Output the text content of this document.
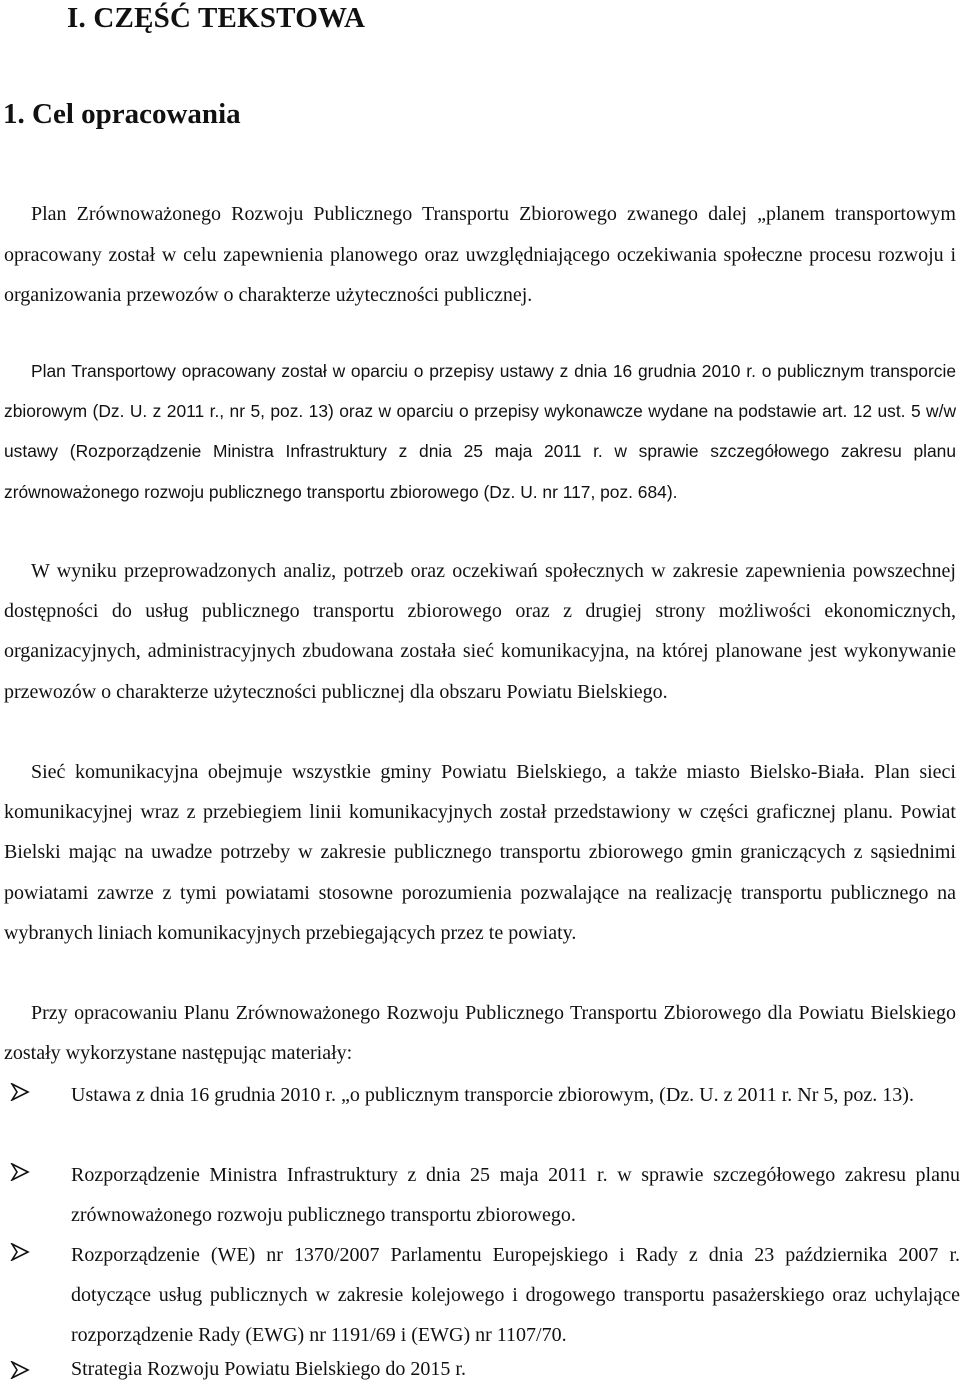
I. CZĘŚĆ TEKSTOWA
1. Cel opracowania

Plan Zrównoważonego Rozwoju Publicznego Transportu Zbiorowego zwanego dalej „planem transportowym opracowany został w celu zapewnienia planowego oraz uwzględniającego oczekiwania społeczne procesu rozwoju i organizowania przewozów o charakterze użyteczności publicznej.

Plan Transportowy opracowany został w oparciu o przepisy ustawy z dnia 16 grudnia 2010 r. o publicznym transporcie zbiorowym (Dz. U. z 2011 r., nr 5, poz. 13) oraz w oparciu o przepisy wykonawcze wydane na podstawie art. 12 ust. 5 w/w ustawy (Rozporządzenie Ministra Infrastruktury z dnia 25 maja 2011 r. w sprawie szczegółowego zakresu planu zrównoważonego rozwoju publicznego transportu zbiorowego (Dz. U. nr 117, poz. 684).

W wyniku przeprowadzonych analiz, potrzeb oraz oczekiwań społecznych w zakresie zapewnienia powszechnej dostępności do usług publicznego transportu zbiorowego oraz z drugiej strony możliwości ekonomicznych, organizacyjnych, administracyjnych zbudowana została sieć komunikacyjna, na której planowane jest wykonywanie przewozów o charakterze użyteczności publicznej dla obszaru Powiatu Bielskiego.

Sieć komunikacyjna obejmuje wszystkie gminy Powiatu Bielskiego, a także miasto Bielsko-Biała. Plan sieci komunikacyjnej wraz z przebiegiem linii komunikacyjnych został przedstawiony w części graficznej planu. Powiat Bielski mając na uwadze potrzeby w zakresie publicznego transportu zbiorowego gmin graniczących z sąsiednimi powiatami zawrze z tymi powiatami stosowne porozumienia pozwalające na realizację transportu publicznego na wybranych liniach komunikacyjnych przebiegających przez te powiaty.

Przy opracowaniu Planu Zrównoważonego Rozwoju Publicznego Transportu Zbiorowego dla Powiatu Bielskiego zostały wykorzystane następując materiały:

Ustawa z dnia 16 grudnia 2010 r. „o publicznym transporcie zbiorowym, (Dz. U. z 2011 r. Nr 5, poz. 13).

Rozporządzenie Ministra Infrastruktury z dnia 25 maja 2011 r. w sprawie szczegółowego zakresu planu zrównoważonego rozwoju publicznego transportu zbiorowego.

Rozporządzenie (WE) nr 1370/2007 Parlamentu Europejskiego i Rady z dnia 23 października 2007 r. dotyczące usług publicznych w zakresie kolejowego i drogowego transportu pasażerskiego oraz uchylające rozporządzenie Rady (EWG) nr 1191/69 i (EWG) nr 1107/70.

Strategia Rozwoju Powiatu Bielskiego do 2015 r.
